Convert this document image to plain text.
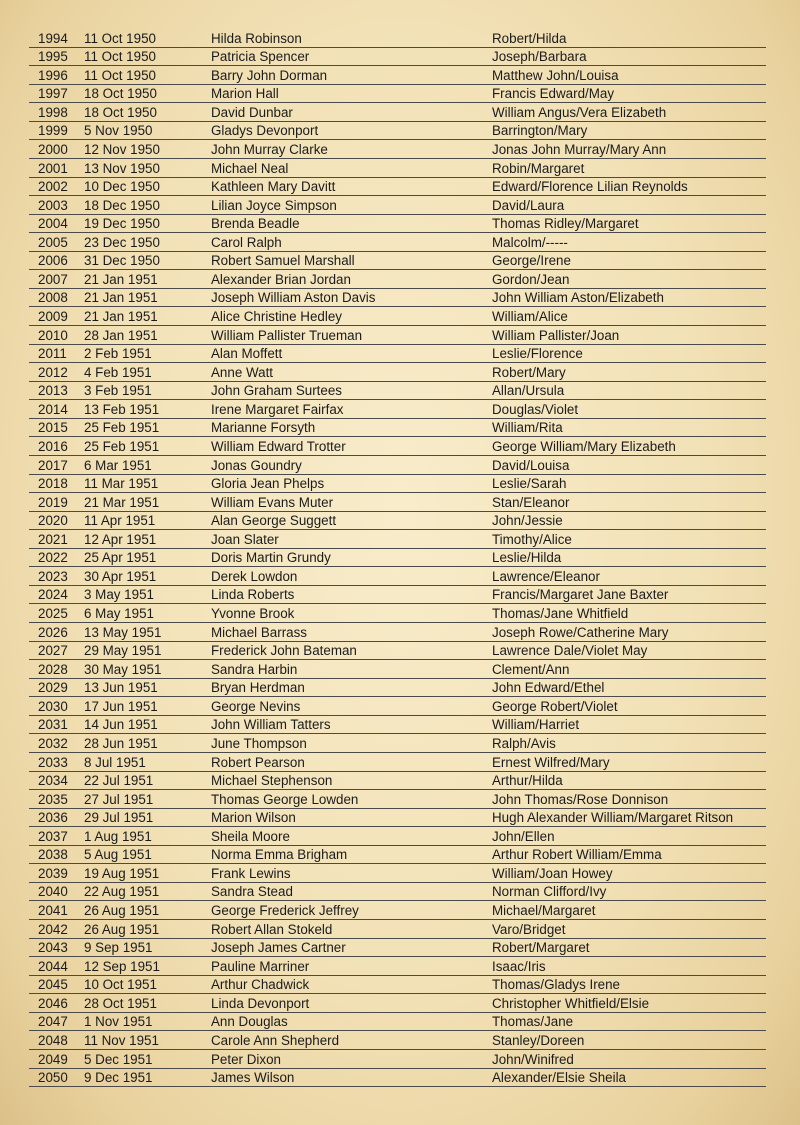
1994 11 Oct 1950	Hilda Robinson	Robert/Hilda
1995 11 Oct 1950	Patricia Spencer	Joseph/Barbara
1996 11 Oct 1950	Barry John Dorman	Matthew John/Louisa
1997 18 Oct 1950	Marion Hall	Francis Edward/May
1998 18 Oct 1950	David Dunbar	William Angus/Vera Elizabeth
1999 5 Nov 1950	Gladys Devonport	Barrington/Mary
2000 12 Nov 1950	John Murray Clarke	Jonas John Murray/Mary Ann
2001 13 Nov 1950	Michael Neal	Robin/Margaret
2002 10 Dec 1950	Kathleen Mary Davitt	Edward/Florence Lilian Reynolds
2003 18 Dec 1950	Lilian Joyce Simpson	David/Laura
2004 19 Dec 1950	Brenda Beadle	Thomas Ridley/Margaret
2005 23 Dec 1950	Carol Ralph	Malcolm/-----
2006 31 Dec 1950	Robert Samuel Marshall	George/Irene
2007 21 Jan 1951	Alexander Brian Jordan	Gordon/Jean
2008 21 Jan 1951	Joseph William Aston Davis	John William Aston/Elizabeth
2009 21 Jan 1951	Alice Christine Hedley	William/Alice
2010 28 Jan 1951	William Pallister Trueman	William Pallister/Joan
2011 2 Feb 1951	Alan Moffett	Leslie/Florence
2012 4 Feb 1951	Anne Watt	Robert/Mary
2013 3 Feb 1951	John Graham Surtees	Allan/Ursula
2014 13 Feb 1951	Irene Margaret Fairfax	Douglas/Violet
2015 25 Feb 1951	Marianne Forsyth	William/Rita
2016 25 Feb 1951	William Edward Trotter	George William/Mary Elizabeth
2017 6 Mar 1951	Jonas Goundry	David/Louisa
2018 11 Mar 1951	Gloria Jean Phelps	Leslie/Sarah
2019 21 Mar 1951	William Evans Muter	Stan/Eleanor
2020 11 Apr 1951	Alan George Suggett	John/Jessie
2021 12 Apr 1951	Joan Slater	Timothy/Alice
2022 25 Apr 1951	Doris Martin Grundy	Leslie/Hilda
2023 30 Apr 1951	Derek Lowdon	Lawrence/Eleanor
2024 3 May 1951	Linda Roberts	Francis/Margaret Jane Baxter
2025 6 May 1951	Yvonne Brook	Thomas/Jane Whitfield
2026 13 May 1951	Michael Barrass	Joseph Rowe/Catherine Mary
2027 29 May 1951	Frederick John Bateman	Lawrence Dale/Violet May
2028 30 May 1951	Sandra Harbin	Clement/Ann
2029 13 Jun 1951	Bryan Herdman	John Edward/Ethel
2030 17 Jun 1951	George Nevins	George Robert/Violet
2031 14 Jun 1951	John William Tatters	William/Harriet
2032 28 Jun 1951	June Thompson	Ralph/Avis
2033 8 Jul 1951	Robert Pearson	Ernest Wilfred/Mary
2034 22 Jul 1951	Michael Stephenson	Arthur/Hilda
2035 27 Jul 1951	Thomas George Lowden	John Thomas/Rose Donnison
2036 29 Jul 1951	Marion Wilson	Hugh Alexander William/Margaret Ritson
2037 1 Aug 1951	Sheila Moore	John/Ellen
2038 5 Aug 1951	Norma Emma Brigham	Arthur Robert William/Emma
2039 19 Aug 1951	Frank Lewins	William/Joan Howey
2040 22 Aug 1951	Sandra Stead	Norman Clifford/Ivy
2041 26 Aug 1951	George Frederick Jeffrey	Michael/Margaret
2042 26 Aug 1951	Robert Allan Stokeld	Varo/Bridget
2043 9 Sep 1951	Joseph James Cartner	Robert/Margaret
2044 12 Sep 1951	Pauline Marriner	Isaac/Iris
2045 10 Oct 1951	Arthur Chadwick	Thomas/Gladys Irene
2046 28 Oct 1951	Linda Devonport	Christopher Whitfield/Elsie
2047 1 Nov 1951	Ann Douglas	Thomas/Jane
2048 11 Nov 1951	Carole Ann Shepherd	Stanley/Doreen
2049 5 Dec 1951	Peter Dixon	John/Winifred
2050 9 Dec 1951	James Wilson	Alexander/Elsie Sheila
